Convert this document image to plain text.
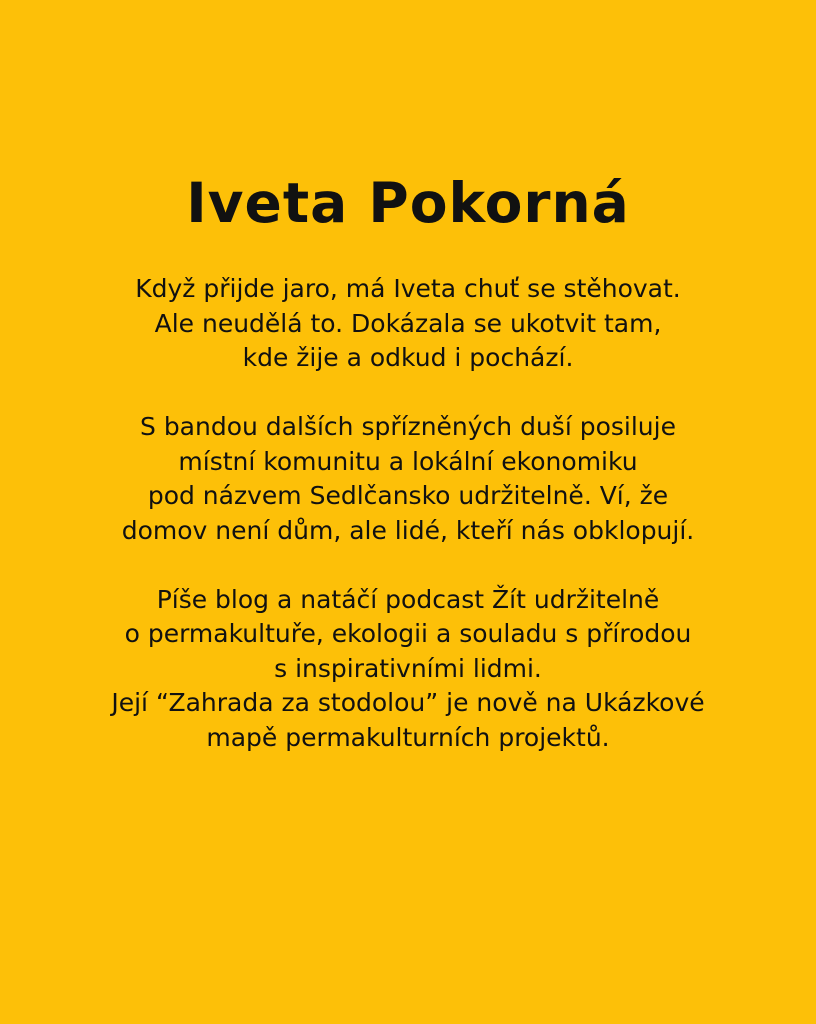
Iveta Pokorná

Když přijde jaro, má Iveta chuť se stěhovat.
Ale neudělá to. Dokázala se ukotvit tam,
kde žije a odkud i pochází.

S bandou dalších spřízněných duší posiluje
místní komunitu a lokální ekonomiku
pod názvem Sedlčansko udržitelně. Ví, že
domov není dům, ale lidé, kteří nás obklopují.

Píše blog a natáčí podcast Žít udržitelně
o permakultuře, ekologii a souladu s přírodou
s inspirativními lidmi.
Její “Zahrada za stodolou” je nově na Ukázkové
mapě permakulturních projektů.
